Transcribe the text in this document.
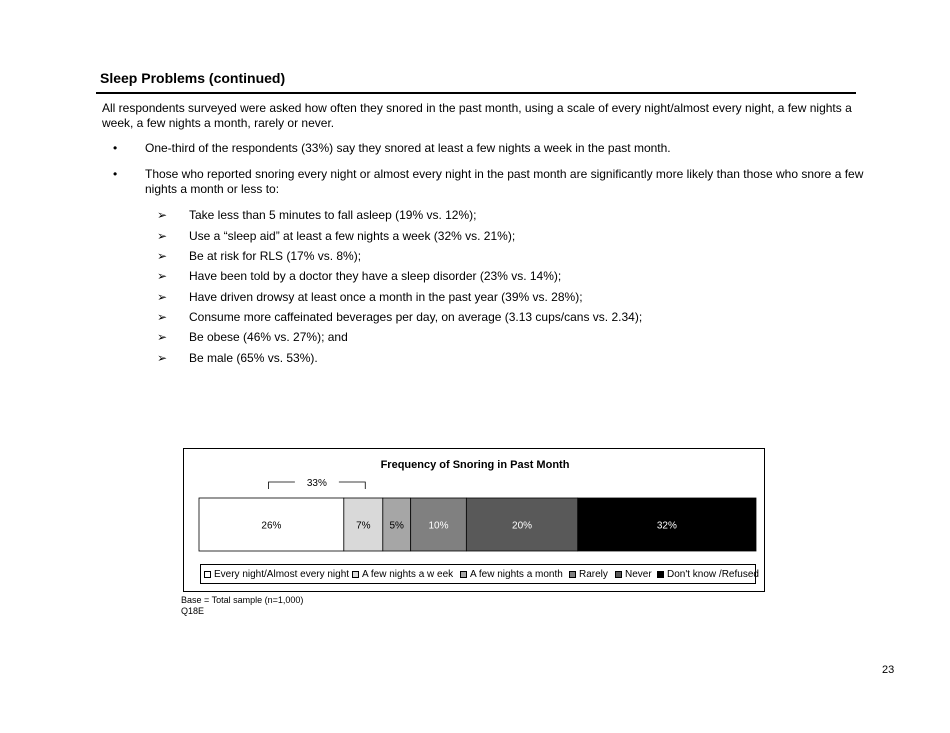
Sleep Problems (continued)

All respondents surveyed were asked how often they snored in the past month, using a scale of every night/almost every night, a few nights a week, a few nights a month, rarely or never.

• One-third of the respondents (33%) say they snored at least a few nights a week in the past month.
• Those who reported snoring every night or almost every night in the past month are significantly more likely than those who snore a few nights a month or less to:
➢ Take less than 5 minutes to fall asleep (19% vs. 12%);
➢ Use a “sleep aid” at least a few nights a week (32% vs. 21%);
➢ Be at risk for RLS (17% vs. 8%);
➢ Have been told by a doctor they have a sleep disorder (23% vs. 14%);
➢ Have driven drowsy at least once a month in the past year (39% vs. 28%);
➢ Consume more caffeinated beverages per day, on average (3.13 cups/cans vs. 2.34);
➢ Be obese (46% vs. 27%); and
➢ Be male (65% vs. 53%).
Frequency of Snoring in Past Month
26%	7% 5% 10%	20%	32%
33%
Every night/Almost every night	A few nights a w eek	A few nights a month	Rarely	Never	Don't know /Refused
Base = Total sample (n=1,000)
Q18E
23
